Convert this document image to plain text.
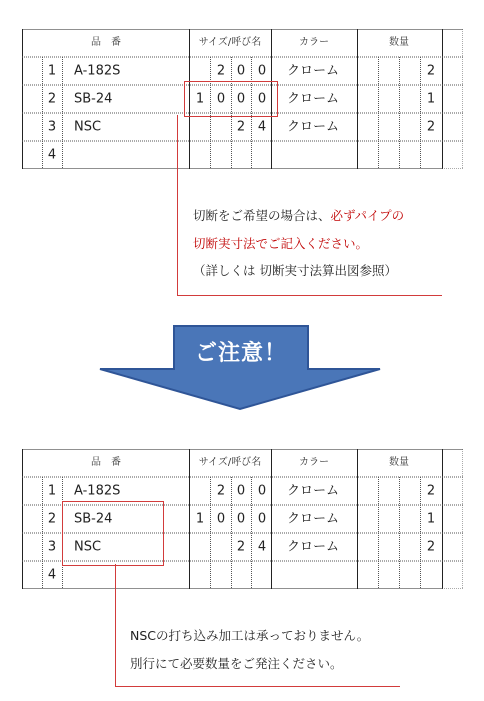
品　番	サイズ/呼び名	カラー	数量
1 A-182S	2 0 0 クローム	2
2 SB-24	1 0 0 0 クローム	1
3 NSC	2 4 クローム	2
4
切断をご希望の場合は、必ずパイプの
切断実寸法でご記入ください。
（詳しくは 切断実寸法算出図参照）
ご注意！
品　番	サイズ/呼び名	カラー	数量
1 A-182S	2 0 0 クローム	2
2 SB-24	1 0 0 0 クローム	1
3 NSC	2 4 クローム	2
4
NSCの打ち込み加工は承っておりません。
別行にて必要数量をご発注ください。
